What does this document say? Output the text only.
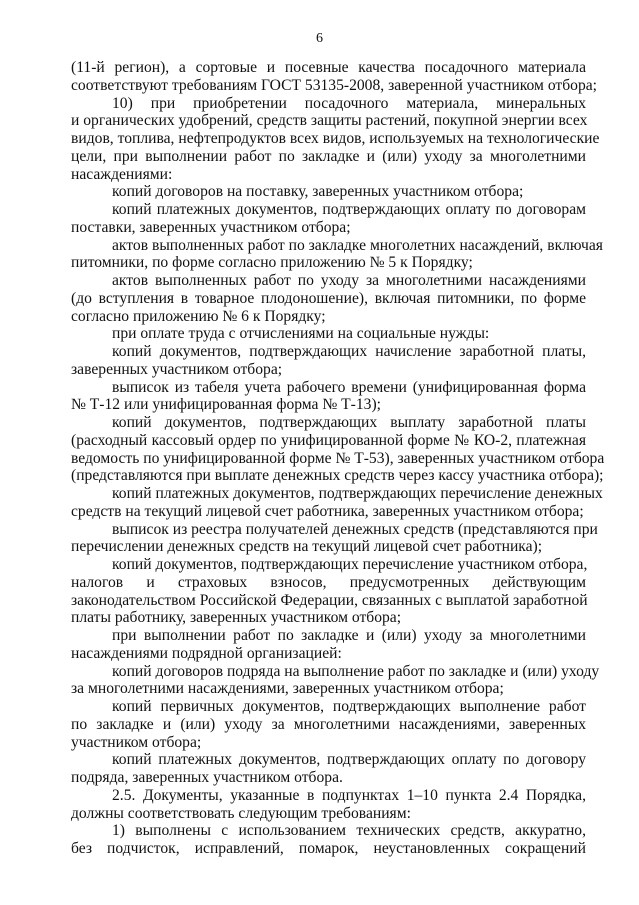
6
(11-й регион), а сортовые и посевные качества посадочного материала
соответствуют требованиям ГОСТ 53135-2008, заверенной участником отбора;
10) при приобретении посадочного материала, минеральных
и органических удобрений, средств защиты растений, покупной энергии всех
видов, топлива, нефтепродуктов всех видов, используемых на технологические
цели, при выполнении работ по закладке и (или) уходу за многолетними
насаждениями:
копий договоров на поставку, заверенных участником отбора;
копий платежных документов, подтверждающих оплату по договорам
поставки, заверенных участником отбора;
актов выполненных работ по закладке многолетних насаждений, включая
питомники, по форме согласно приложению № 5 к Порядку;
актов выполненных работ по уходу за многолетними насаждениями
(до вступления в товарное плодоношение), включая питомники, по форме
согласно приложению № 6 к Порядку;
при оплате труда с отчислениями на социальные нужды:
копий документов, подтверждающих начисление заработной платы,
заверенных участником отбора;
выписок из табеля учета рабочего времени (унифицированная форма
№ Т-12 или унифицированная форма № Т-13);
копий документов, подтверждающих выплату заработной платы
(расходный кассовый ордер по унифицированной форме № КО-2, платежная
ведомость по унифицированной форме № Т-53), заверенных участником отбора
(представляются при выплате денежных средств через кассу участника отбора);
копий платежных документов, подтверждающих перечисление денежных
средств на текущий лицевой счет работника, заверенных участником отбора;
выписок из реестра получателей денежных средств (представляются при
перечислении денежных средств на текущий лицевой счет работника);
копий документов, подтверждающих перечисление участником отбора,
налогов и страховых взносов, предусмотренных действующим
законодательством Российской Федерации, связанных с выплатой заработной
платы работнику, заверенных участником отбора;
при выполнении работ по закладке и (или) уходу за многолетними
насаждениями подрядной организацией:
копий договоров подряда на выполнение работ по закладке и (или) уходу
за многолетними насаждениями, заверенных участником отбора;
копий первичных документов, подтверждающих выполнение работ
по закладке и (или) уходу за многолетними насаждениями, заверенных
участником отбора;
копий платежных документов, подтверждающих оплату по договору
подряда, заверенных участником отбора.
2.5. Документы, указанные в подпунктах 1–10 пункта 2.4 Порядка,
должны соответствовать следующим требованиям:
1) выполнены с использованием технических средств, аккуратно,
без подчисток, исправлений, помарок, неустановленных сокращений
